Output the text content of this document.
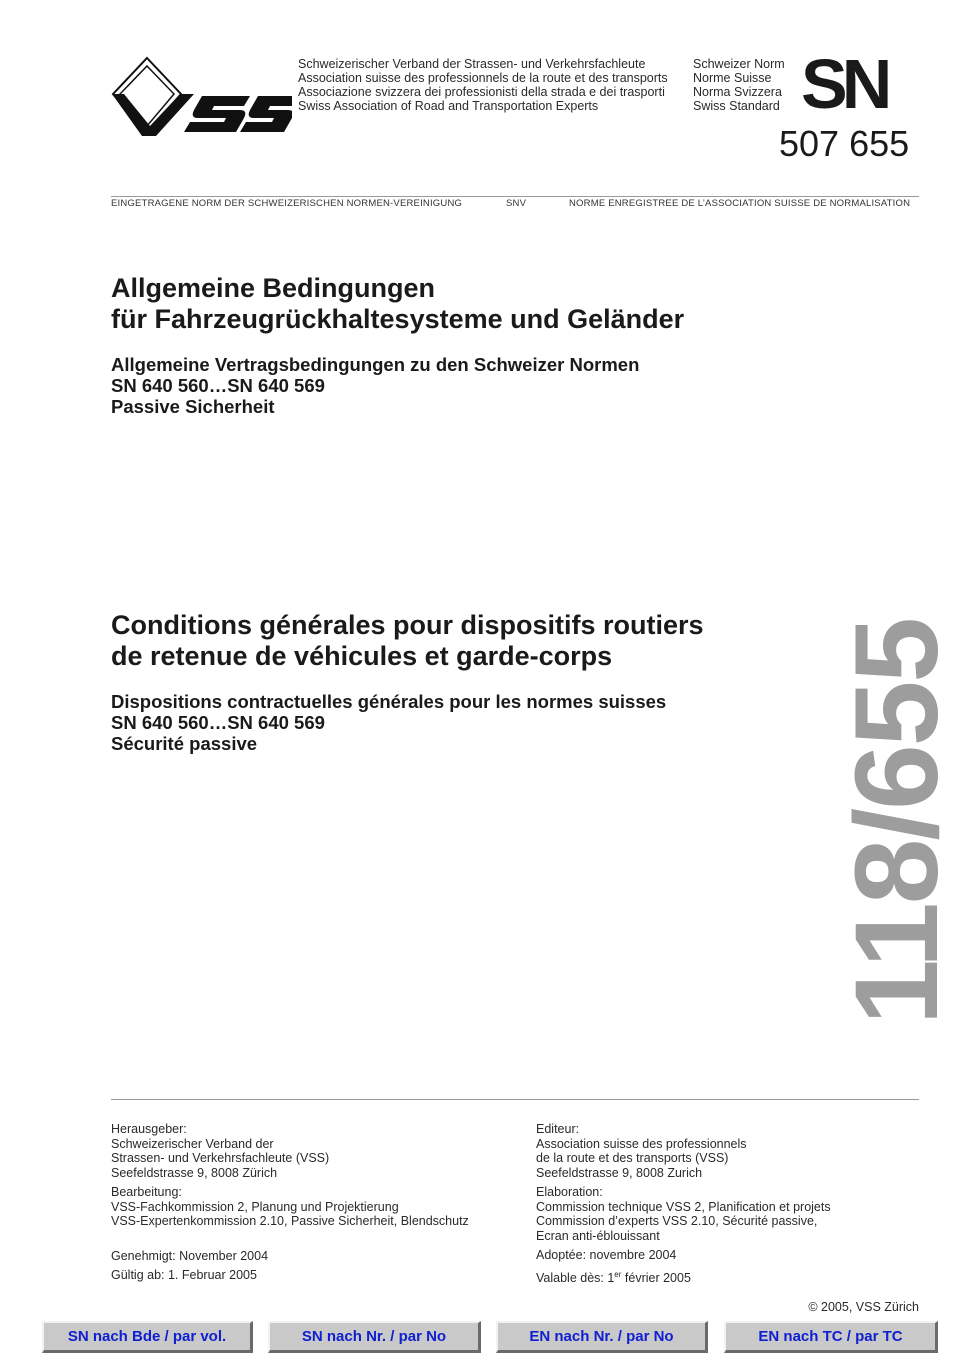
Schweizerischer Verband der Strassen- und Verkehrsfachleute
Association suisse des professionnels de la route et des transports
Associazione svizzera dei professionisti della strada e dei trasporti
Swiss Association of Road and Transportation Experts
Schweizer Norm
Norme Suisse
Norma Svizzera
Swiss Standard SN
507 655
EINGETRAGENE NORM DER SCHWEIZERISCHEN NORMEN-VEREINIGUNG	SNV	NORME ENREGISTREE DE L’ASSOCIATION SUISSE DE NORMALISATION
Allgemeine Bedingungen
für Fahrzeugrückhaltesysteme und Geländer
Allgemeine Vertragsbedingungen zu den Schweizer Normen
SN 640 560…SN 640 569
Passive Sicherheit
Conditions générales pour dispositifs routiers
de retenue de véhicules et garde-corps
Dispositions contractuelles générales pour les normes suisses
SN 640 560…SN 640 569
Sécurité passive	118/655
Herausgeber:
Schweizerischer Verband der
Strassen- und Verkehrsfachleute (VSS)
Seefeldstrasse 9, 8008 Zürich
Bearbeitung:
VSS-Fachkommission 2, Planung und Projektierung
VSS-Expertenkommission 2.10, Passive Sicherheit, Blendschutz
Genehmigt: November 2004
Gültig ab: 1. Februar 2005
Editeur:
Association suisse des professionnels
de la route et des transports (VSS)
Seefeldstrasse 9, 8008 Zurich
Elaboration:
Commission technique VSS 2, Planification et projets
Commission d’experts VSS 2.10, Sécurité passive,
Ecran anti-éblouissant
Adoptée: novembre 2004
Valable dès: 1er février 2005
© 2005, VSS Zürich
SN nach Bde / par vol.	SN nach Nr. / par No	EN nach Nr. / par No	EN nach TC / par TC
